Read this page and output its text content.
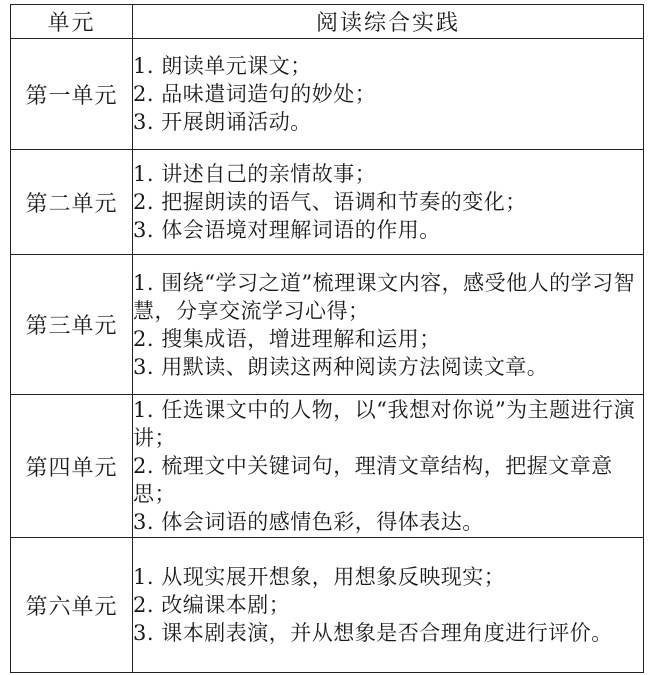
单元	阅读综合实践
第一单元	1. 朗读单元课文；
2. 品味遣词造句的妙处；
3. 开展朗诵活动。

第二单元	1. 讲述自己的亲情故事；
2. 把握朗读的语气、语调和节奏的变化；
3. 体会语境对理解词语的作用。

第三单元	1. 围绕“学习之道”梳理课文内容，感受他人的学习智慧，分享交流学习心得；
2. 搜集成语，增进理解和运用；
3. 用默读、朗读这两种阅读方法阅读文章。

第四单元	1. 任选课文中的人物，以“我想对你说”为主题进行演讲；
2. 梳理文中关键词句，理清文章结构，把握文章意思；
3. 体会词语的感情色彩，得体表达。

第六单元	1. 从现实展开想象，用想象反映现实；
2. 改编课本剧；
3. 课本剧表演，并从想象是否合理角度进行评价。
